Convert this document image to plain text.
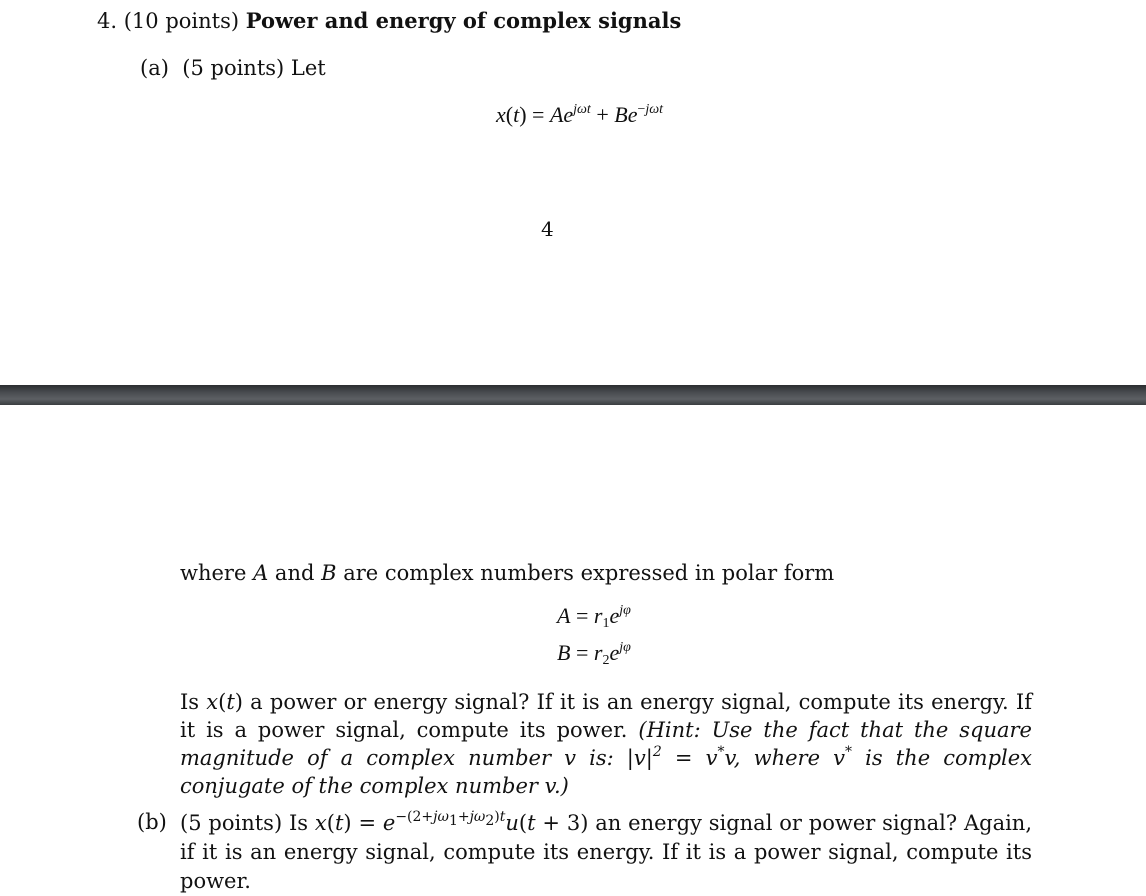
4. (10 points) Power and energy of complex signals
(a) (5 points) Let
$x(t) = Ae^{j\omega t} + Be^{-j\omega t}$
4
where A and B are complex numbers expressed in polar form
$A = r_1e^{j\varphi}$
$B = r_2e^{j\varphi}$
Is x(t) a power or energy signal? If it is an energy signal, compute its energy. If it is a power signal, compute its power. (Hint: Use the fact that the square magnitude of a complex number v is: $|v|^2 = v^*v$, where v* is the complex conjugate of the complex number v.)
(b) (5 points) Is $x(t) = e^{-(2+j\omega_1+j\omega_2)t}u(t + 3)$ an energy signal or power signal? Again, if it is an energy signal, compute its energy. If it is a power signal, compute its power.
